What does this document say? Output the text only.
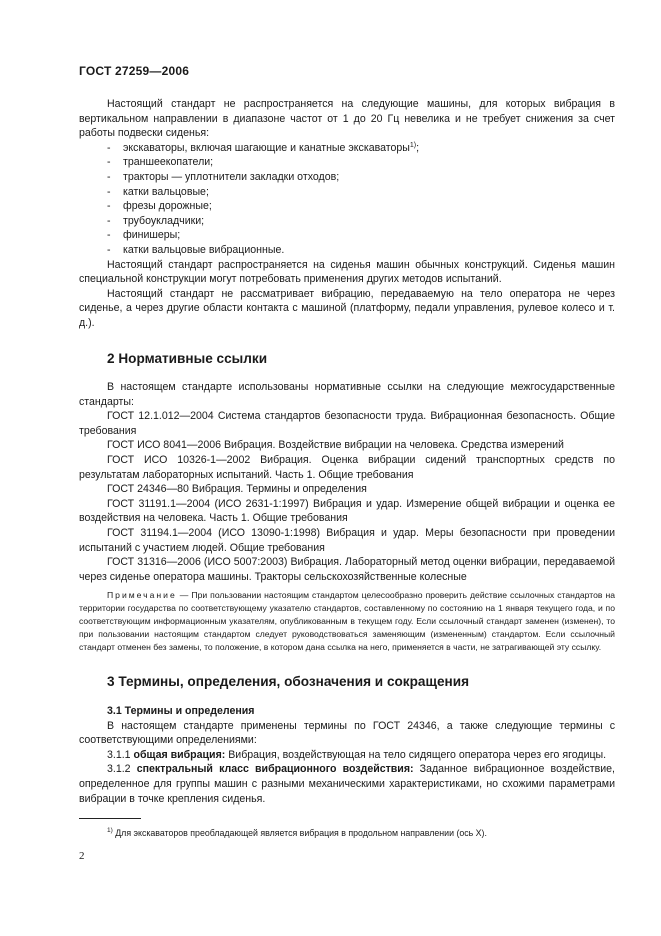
ГОСТ 27259—2006

Настоящий стандарт не распространяется на следующие машины, для которых вибрация в вертикальном направлении в диапазоне частот от 1 до 20 Гц невелика и не требует снижения за счет работы подвески сиденья:

- экскаваторы, включая шагающие и канатные экскаваторы$^{1)}$;

- траншеекопатели;

- тракторы — уплотнители закладки отходов;

- катки вальцовые;

- фрезы дорожные;

- трубоукладчики;

- финишеры;

- катки вальцовые вибрационные.

Настоящий стандарт распространяется на сиденья машин обычных конструкций. Сиденья машин специальной конструкции могут потребовать применения других методов испытаний.

Настоящий стандарт не рассматривает вибрацию, передаваемую на тело оператора не через сиденье, а через другие области контакта с машиной (платформу, педали управления, рулевое колесо и т. д.).

2 Нормативные ссылки

В настоящем стандарте использованы нормативные ссылки на следующие межгосударственные стандарты:

ГОСТ 12.1.012—2004 Система стандартов безопасности труда. Вибрационная безопасность. Общие требования

ГОСТ ИСО 8041—2006 Вибрация. Воздействие вибрации на человека. Средства измерений

ГОСТ ИСО 10326-1—2002 Вибрация. Оценка вибрации сидений транспортных средств по результатам лабораторных испытаний. Часть 1. Общие требования

ГОСТ 24346—80 Вибрация. Термины и определения

ГОСТ 31191.1—2004 (ИСО 2631-1:1997) Вибрация и удар. Измерение общей вибрации и оценка ее воздействия на человека. Часть 1. Общие требования

ГОСТ 31194.1—2004 (ИСО 13090-1:1998) Вибрация и удар. Меры безопасности при проведении испытаний с участием людей. Общие требования

ГОСТ 31316—2006 (ИСО 5007:2003) Вибрация. Лабораторный метод оценки вибрации, передаваемой через сиденье оператора машины. Тракторы сельскохозяйственные колесные

Примечание — При пользовании настоящим стандартом целесообразно проверить действие ссылочных стандартов на территории государства по соответствующему указателю стандартов, составленному по состоянию на 1 января текущего года, и по соответствующим информационным указателям, опубликованным в текущем году. Если ссылочный стандарт заменен (изменен), то при пользовании настоящим стандартом следует руководствоваться заменяющим (измененным) стандартом. Если ссылочный стандарт отменен без замены, то положение, в котором дана ссылка на него, применяется в части, не затрагивающей эту ссылку.

3 Термины, определения, обозначения и сокращения
3.1 Термины и определения

В настоящем стандарте применены термины по ГОСТ 24346, а также следующие термины с соответствующими определениями:

3.1.1 общая вибрация: Вибрация, воздействующая на тело сидящего оператора через его ягодицы.

3.1.2 спектральный класс вибрационного воздействия: Заданное вибрационное воздействие, определенное для группы машин с разными механическими характеристиками, но схожими параметрами вибрации в точке крепления сиденья.

$^{1)}$ Для экскаваторов преобладающей является вибрация в продольном направлении (ось X).
2
